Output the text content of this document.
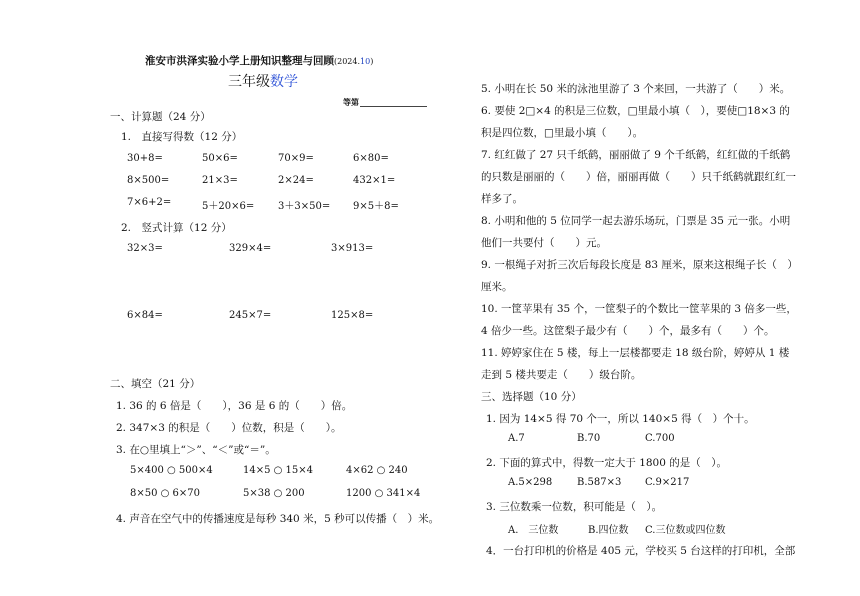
淮安市洪泽实验小学上册知识整理与回顾(2024.10)
三年级数学
等第
一、计算题（24 分）
1.　直接写得数（12 分）
30+8=	50×6=	70×9=	6×80=
8×500=	21×3=	2×24=	432×1=
7×6+2=	5＋20×6= 3＋3×50= 9×5＋8=
2.　竖式计算（12 分）
32×3=	329×4=	3×913=
6×84=	245×7=	125×8=
二、填空（21 分）
1. 36 的 6 倍是（　　），36 是 6 的（　　）倍。
2. 347×3 的积是（　　）位数，积是（　　）。
3. 在○里填上“＞”、“＜”或“＝”。
5×400 ○ 500×4	14×5 ○ 15×4	4×62 ○ 240
8×50 ○ 6×70	5×38 ○ 200	1200 ○ 341×4
4. 声音在空气中的传播速度是每秒 340 米，5 秒可以传播（　）米。
5. 小明在长 50 米的泳池里游了 3 个来回，一共游了（　　）米。
6. 要使 2□×4 的积是三位数，□里最小填（　），要使□18×3 的
积是四位数，□里最小填（　　）。
7. 红红做了 27 只千纸鹤，丽丽做了 9 个千纸鹤，红红做的千纸鹤
的只数是丽丽的（　　）倍，丽丽再做（　　）只千纸鹤就跟红红一
样多了。
8. 小明和他的 5 位同学一起去游乐场玩，门票是 35 元一张。小明
他们一共要付（　　）元。
9. 一根绳子对折三次后每段长度是 83 厘米，原来这根绳子长（　）
厘米。
10. 一筐苹果有 35 个，一筐梨子的个数比一筐苹果的 3 倍多一些，
4 倍少一些。这筐梨子最少有（　　）个，最多有（　　）个。
11. 婷婷家住在 5 楼，每上一层楼都要走 18 级台阶，婷婷从 1 楼
走到 5 楼共要走（　　）级台阶。
三、选择题（10 分）
1. 因为 14×5 得 70 个一，所以 140×5 得（　）个十。
A.7	B.70	C.700
2. 下面的算式中，得数一定大于 1800 的是（　）。
A.5×298 B.587×3 C.9×217
3. 三位数乘一位数，积可能是（　）。
A.　三位数	B.四位数 C.三位数或四位数
4．一台打印机的价格是 405 元，学校买 5 台这样的打印机，全部
